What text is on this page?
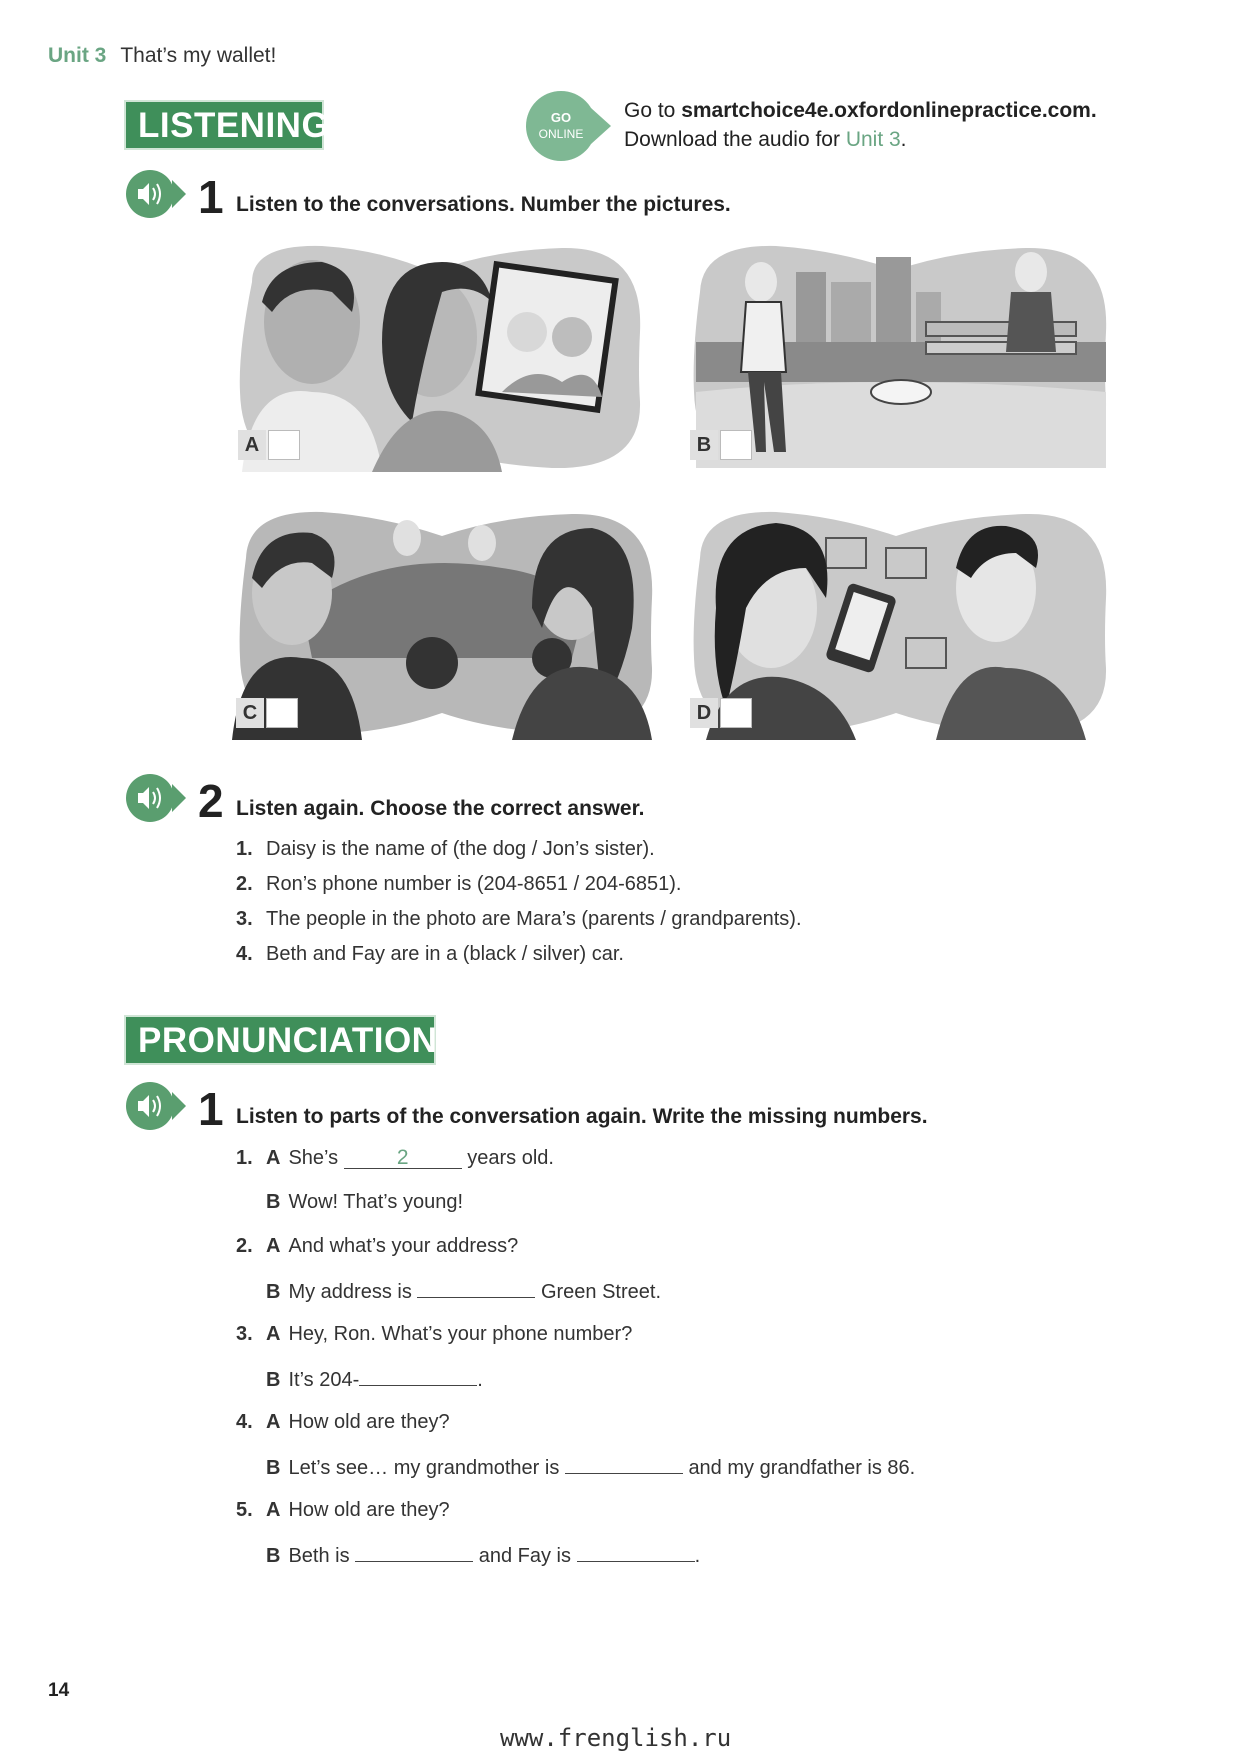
Unit 3 That’s my wallet!
LISTENING	GO
ONLINE
Go to smartchoice4e.oxfordonlinepractice.com.
Download the audio for Unit 3.
1 Listen to the conversations. Number the pictures.
A	B
C	D
2 Listen again. Choose the correct answer.
1. Daisy is the name of (the dog / Jon’s sister).
2. Ron’s phone number is (204-8651 / 204-6851).
3. The people in the photo are Mara’s (parents / grandparents).
4. Beth and Fay are in a (black / silver) car.
PRONUNCIATION
1 Listen to parts of the conversation again. Write the missing numbers.
1. A She’s	2	years old.
B Wow! That’s young!
2. A And what’s your address?
B My address is	Green Street.
3. A Hey, Ron. What’s your phone number?
B It’s 204-	.
4. A How old are they?
B Let’s see… my grandmother is	and my grandfather is 86.
5. A How old are they?
B Beth is	and Fay is	.
14
www.frenglish.ru
